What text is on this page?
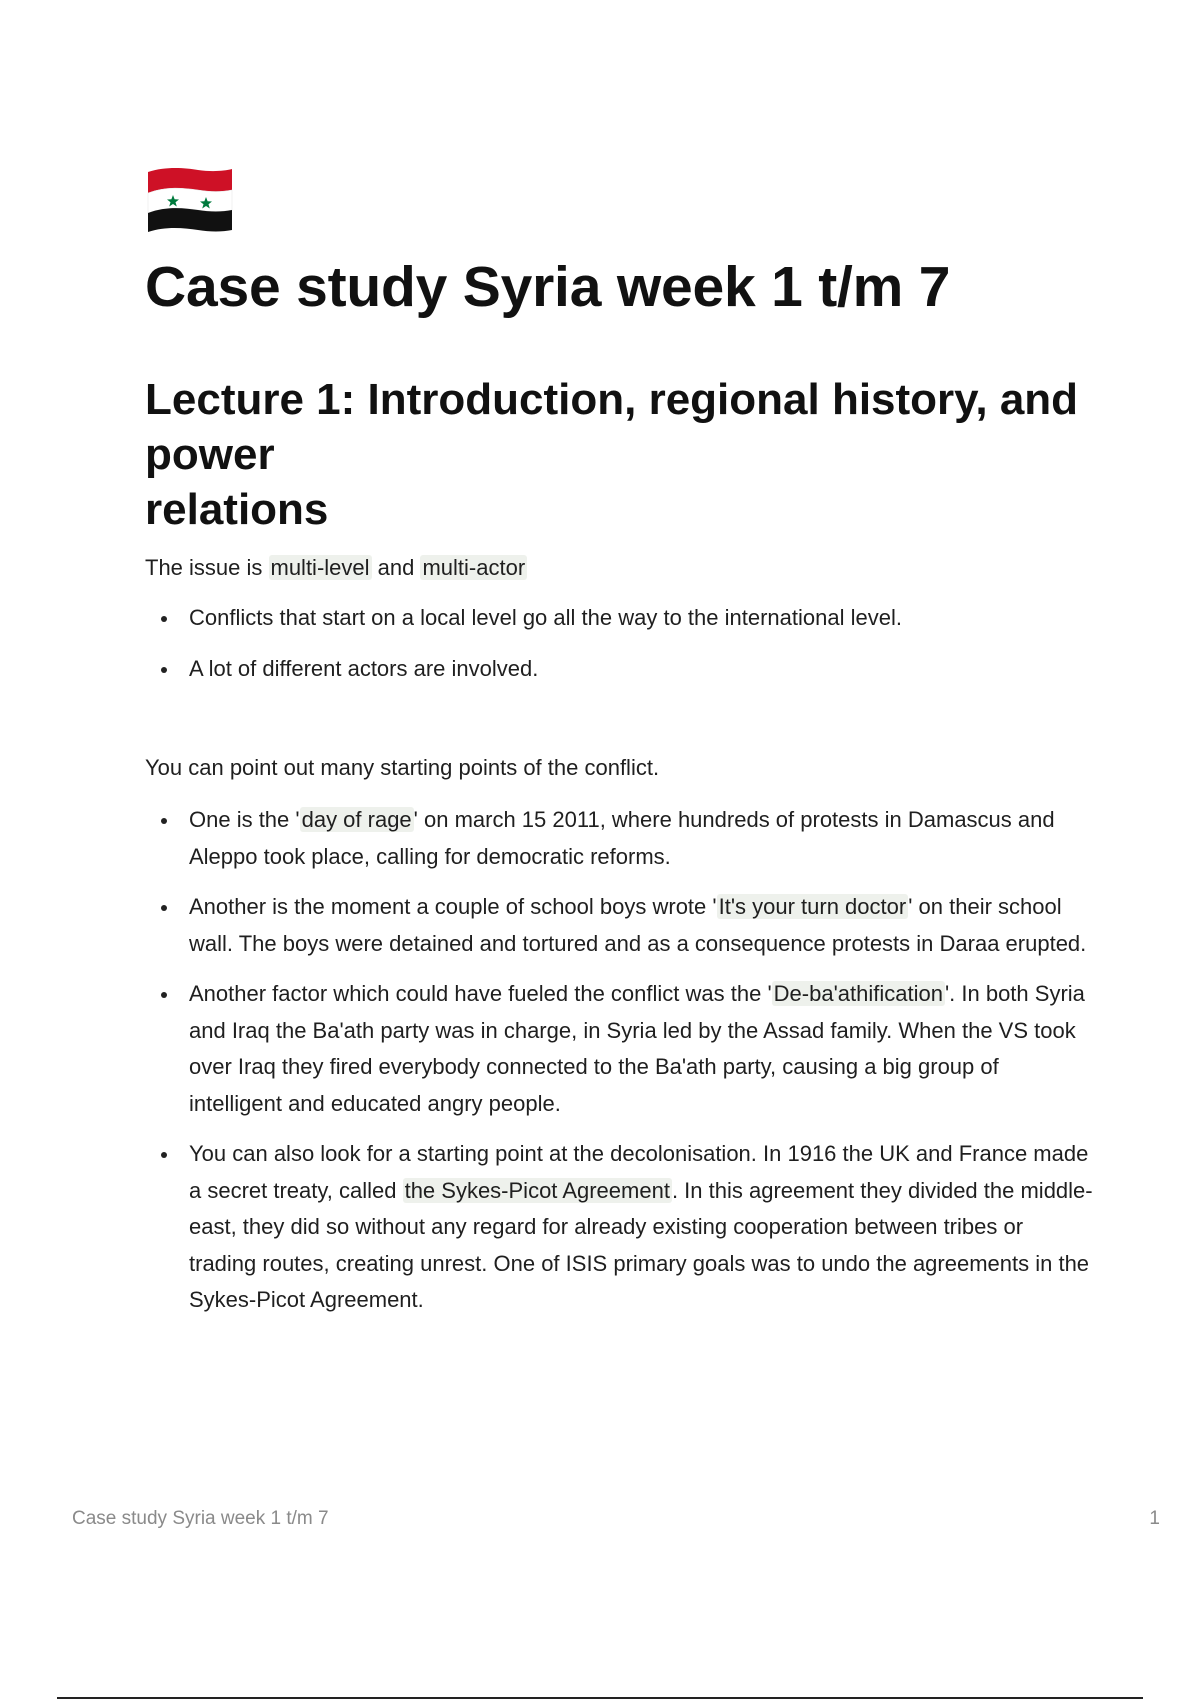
Case study Syria week 1 t/m 7
Lecture 1: Introduction, regional history, and
power
relations

The issue is multi-level and multi-actor

Conflicts that start on a local level go all the way to the international level.
A lot of different actors are involved.

You can point out many starting points of the conflict.

One is the 'day of rage' on march 15 2011, where hundreds of protests in Damascus and Aleppo took place, calling for democratic reforms.
Another is the moment a couple of school boys wrote 'It's your turn doctor' on their school wall. The boys were detained and tortured and as a consequence protests in Daraa erupted.
Another factor which could have fueled the conflict was the 'De-ba'athification'. In both Syria and Iraq the Ba'ath party was in charge, in Syria led by the Assad family. When the VS took over Iraq they fired everybody connected to the Ba'ath party, causing a big group of intelligent and educated angry people.
You can also look for a starting point at the decolonisation. In 1916 the UK and France made a secret treaty, called the Sykes-Picot Agreement. In this agreement they divided the middle-east, they did so without any regard for already existing cooperation between tribes or trading routes, creating unrest. One of ISIS primary goals was to undo the agreements in the Sykes-Picot Agreement.
Case study Syria week 1 t/m 7	1
